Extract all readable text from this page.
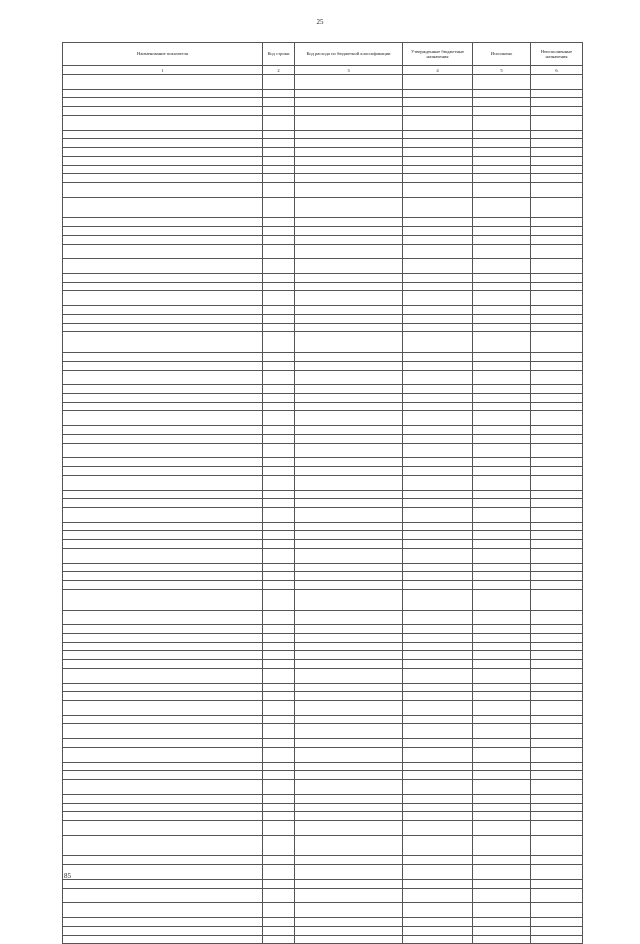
25
Наименование показателя	Код строки	Код расхода по бюджетной классификации	Утвержденные бюджетные назначения	Исполнено	Неисполненные назначения
1	2	3	4	5	6

85
